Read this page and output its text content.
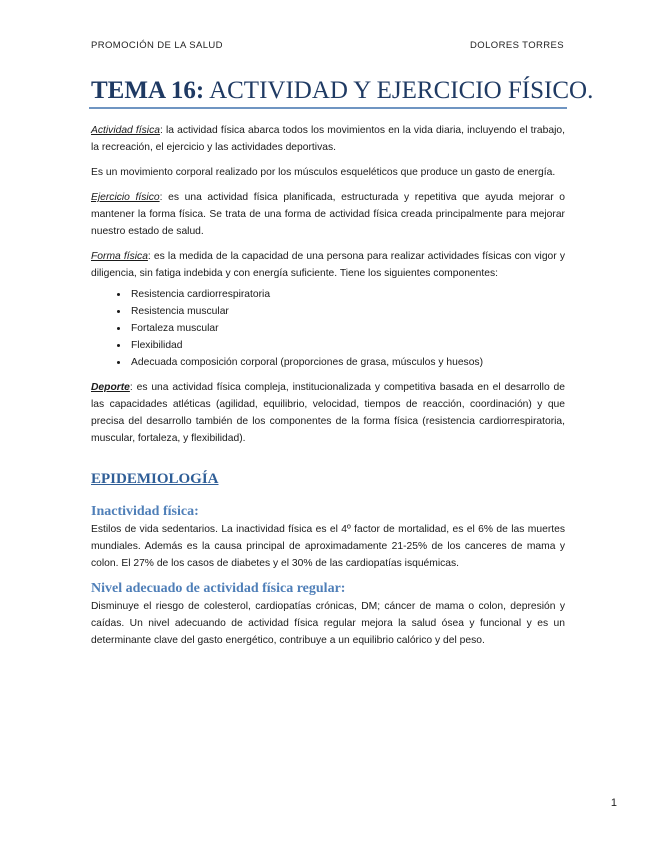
PROMOCIÓN DE LA SALUD	DOLORES TORRES
TEMA 16: ACTIVIDAD Y EJERCICIO FÍSICO.

Actividad física: la actividad física abarca todos los movimientos en la vida diaria, incluyendo el trabajo, la recreación, el ejercicio y las actividades deportivas.

Es un movimiento corporal realizado por los músculos esqueléticos que produce un gasto de energía.

Ejercicio físico: es una actividad física planificada, estructurada y repetitiva que ayuda mejorar o mantener la forma física. Se trata de una forma de actividad física creada principalmente para mejorar nuestro estado de salud.

Forma física: es la medida de la capacidad de una persona para realizar actividades físicas con vigor y diligencia, sin fatiga indebida y con energía suficiente. Tiene los siguientes componentes:

• Resistencia cardiorrespiratoria
• Resistencia muscular
• Fortaleza muscular
• Flexibilidad
• Adecuada composición corporal (proporciones de grasa, músculos y huesos)

Deporte: es una actividad física compleja, institucionalizada y competitiva basada en el desarrollo de las capacidades atléticas (agilidad, equilibrio, velocidad, tiempos de reacción, coordinación) y que precisa del desarrollo también de los componentes de la forma física (resistencia cardiorrespiratoria, muscular, fortaleza, y flexibilidad).

EPIDEMIOLOGÍA
Inactividad física:

Estilos de vida sedentarios. La inactividad física es el 4º factor de mortalidad, es el 6% de las muertes mundiales. Además es la causa principal de aproximadamente 21-25% de los canceres de mama y colon. El 27% de los casos de diabetes y el 30% de las cardiopatías isquémicas.

Nivel adecuado de actividad física regular:

Disminuye el riesgo de colesterol, cardiopatías crónicas, DM; cáncer de mama o colon, depresión y caídas. Un nivel adecuando de actividad física regular mejora la salud ósea y funcional y es un determinante clave del gasto energético, contribuye a un equilibrio calórico y del peso.

1
